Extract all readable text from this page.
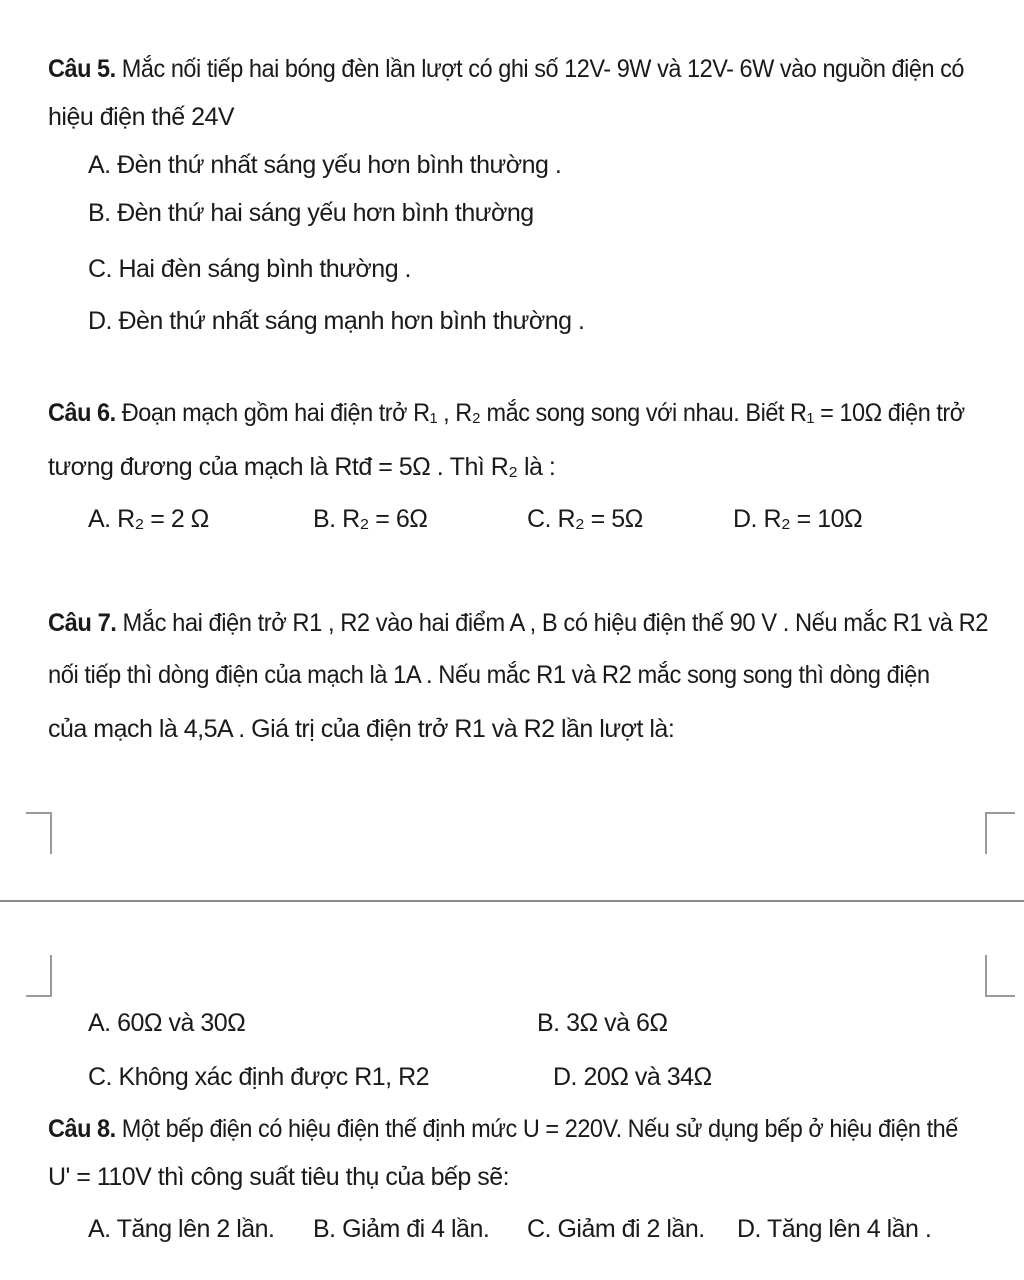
Câu 5. Mắc nối tiếp hai bóng đèn lần lượt có ghi số 12V- 9W và 12V- 6W vào nguồn điện có
hiệu điện thế 24V
A. Đèn thứ nhất sáng yếu hơn bình thường .
B. Đèn thứ hai sáng yếu hơn bình thường
C. Hai đèn sáng bình thường .
D. Đèn thứ nhất sáng mạnh hơn bình thường .
Câu 6. Đoạn mạch gồm hai điện trở R₁ , R₂ mắc song song với nhau. Biết R₁ = 10Ω điện trở
tương đương của mạch là Rtđ = 5Ω . Thì R₂ là :
A. R₂ = 2 Ω	B. R₂ = 6Ω	C. R₂ = 5Ω	D. R₂ = 10Ω
Câu 7. Mắc hai điện trở R1 , R2 vào hai điểm A , B có hiệu điện thế 90 V . Nếu mắc R1 và R2
nối tiếp thì dòng điện của mạch là 1A . Nếu mắc R1 và R2 mắc song song thì dòng điện
của mạch là 4,5A . Giá trị của điện trở R1 và R2 lần lượt là:
A. 60Ω và 30Ω	B. 3Ω và 6Ω
C. Không xác định được R1, R2	D. 20Ω và 34Ω
Câu 8. Một bếp điện có hiệu điện thế định mức U = 220V. Nếu sử dụng bếp ở hiệu điện thế
U' = 110V thì công suất tiêu thụ của bếp sẽ:
A. Tăng lên 2 lần. B. Giảm đi 4 lần. C. Giảm đi 2 lần. D. Tăng lên 4 lần .
